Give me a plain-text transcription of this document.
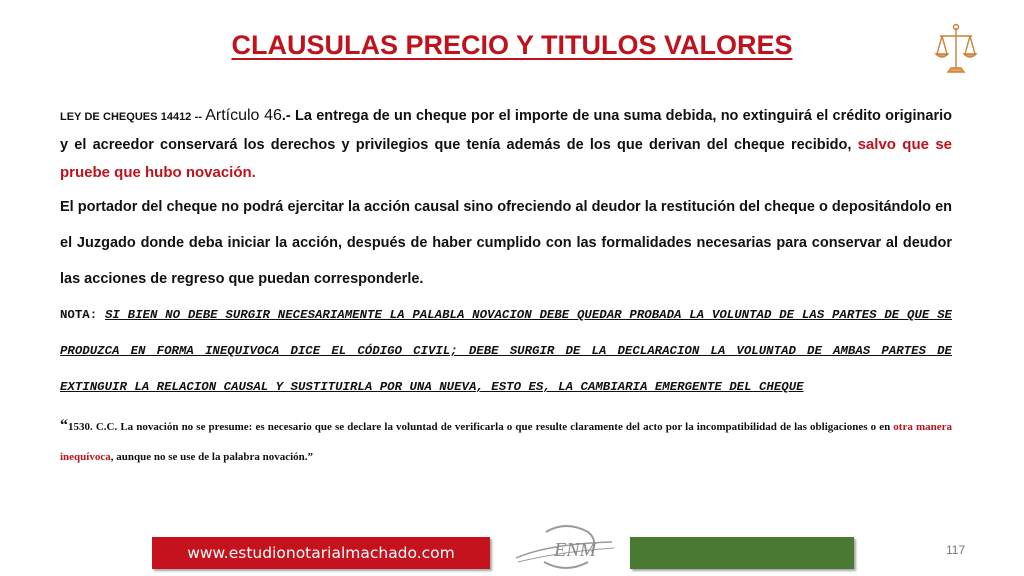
CLAUSULAS PRECIO Y TITULOS VALORES

LEY DE CHEQUES 14412 -- Artículo 46.- La entrega de un cheque por el importe de una suma debida, no extinguirá el crédito originario y el acreedor conservará los derechos y privilegios que tenía además de los que derivan del cheque recibido, salvo que se pruebe que hubo novación.

El portador del cheque no podrá ejercitar la acción causal sino ofreciendo al deudor la restitución del cheque o depositándolo en el Juzgado donde deba iniciar la acción, después de haber cumplido con las formalidades necesarias para conservar al deudor las acciones de regreso que puedan corresponderle.

NOTA: SI BIEN NO DEBE SURGIR NECESARIAMENTE LA PALABLA NOVACION DEBE QUEDAR PROBADA LA VOLUNTAD DE LAS PARTES DE QUE SE PRODUZCA EN FORMA INEQUIVOCA DICE EL CÓDIGO CIVIL; DEBE SURGIR DE LA DECLARACION LA VOLUNTAD DE AMBAS PARTES DE EXTINGUIR LA RELACION CAUSAL Y SUSTITUIRLA POR UNA NUEVA, ESTO ES, LA CAMBIARIA EMERGENTE DEL CHEQUE

“1530. C.C. La novación no se presume: es necesario que se declare la voluntad de verificarla o que resulte claramente del acto por la incompatibilidad de las obligaciones o en otra manera inequívoca, aunque no se use de la palabra novación.”

www.estudionotarialmachado.com	ENM	117
